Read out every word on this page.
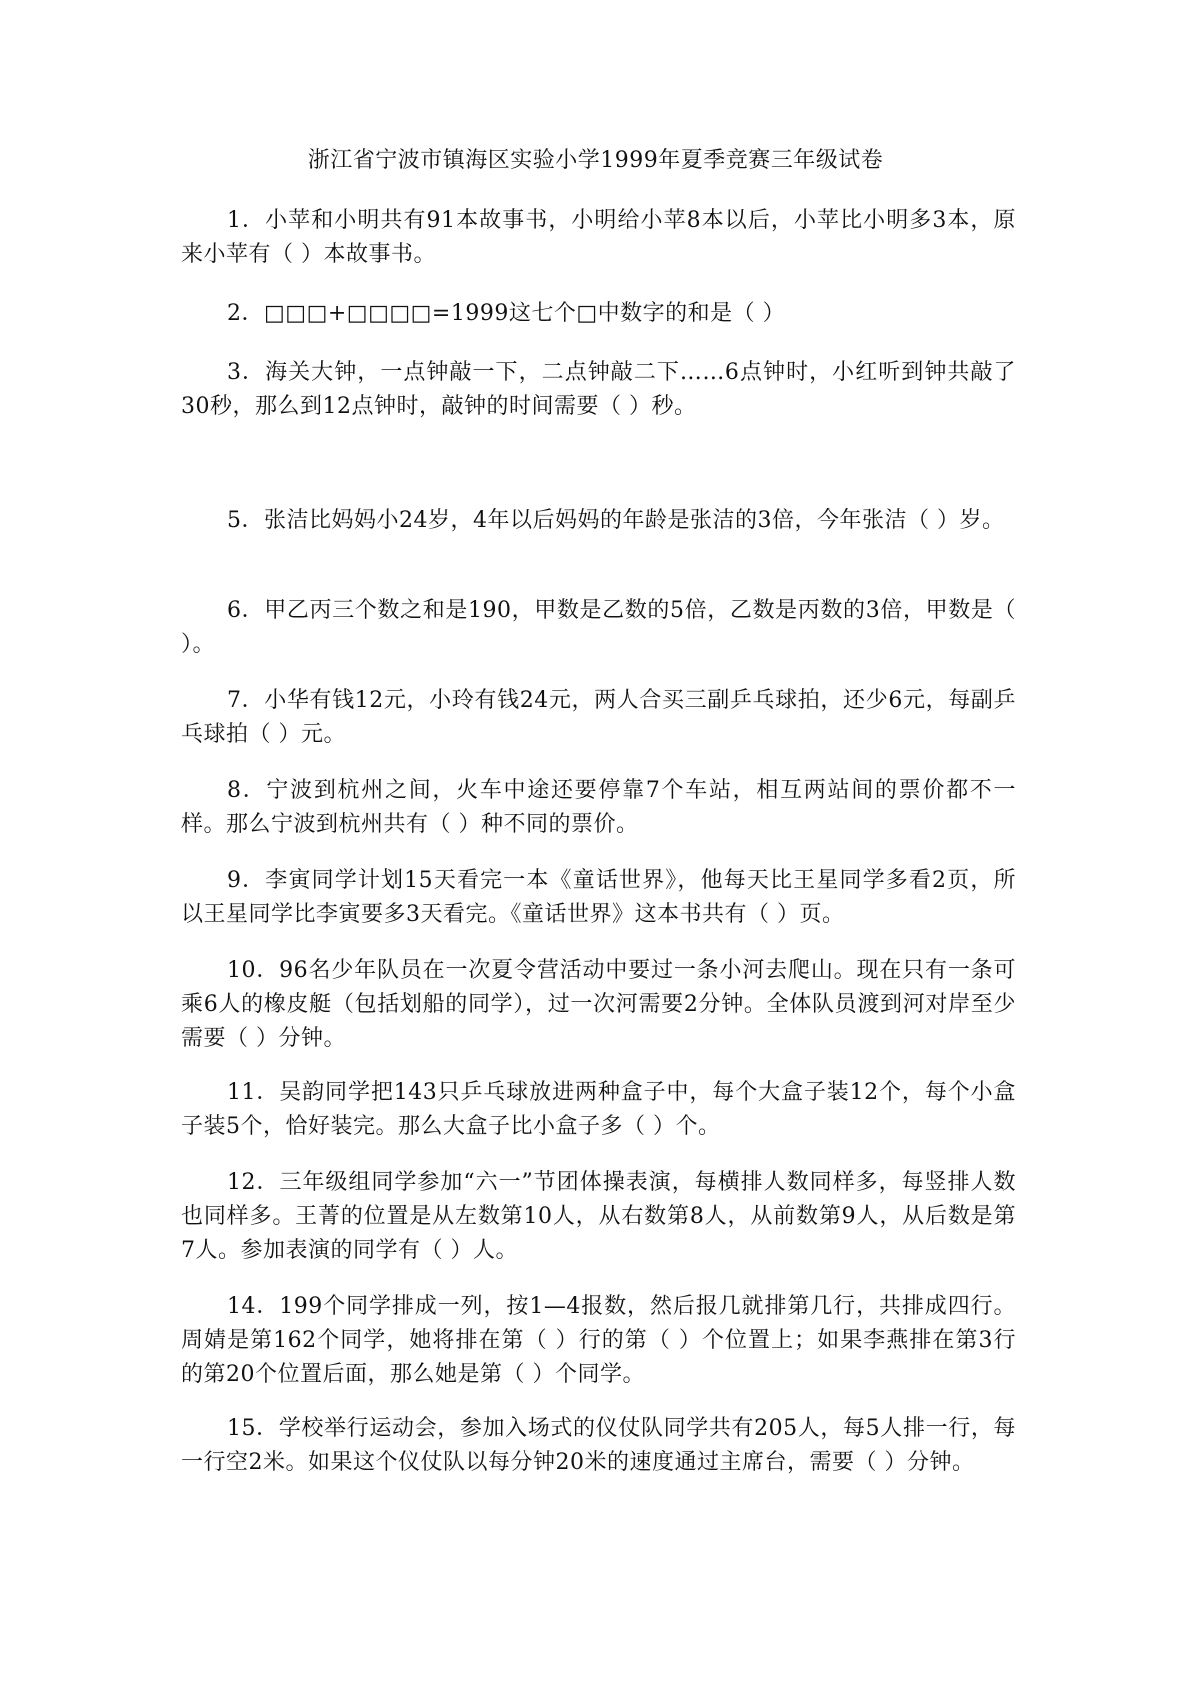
浙江省宁波市镇海区实验小学1999年夏季竞赛三年级试卷
1．小苹和小明共有91本故事书，小明给小苹8本以后，小苹比小明多3本，原来小苹有（ ）本故事书。
2．□□□+□□□□=1999这七个□中数字的和是（ ）
3．海关大钟，一点钟敲一下，二点钟敲二下……6点钟时，小红听到钟共敲了30秒，那么到12点钟时，敲钟的时间需要（ ）秒。
5．张洁比妈妈小24岁，4年以后妈妈的年龄是张洁的3倍，今年张洁（ ）岁。
6．甲乙丙三个数之和是190，甲数是乙数的5倍，乙数是丙数的3倍，甲数是（ ）。
7．小华有钱12元，小玲有钱24元，两人合买三副乒乓球拍，还少6元，每副乒乓球拍（ ）元。
8．宁波到杭州之间，火车中途还要停靠7个车站，相互两站间的票价都不一样。那么宁波到杭州共有（ ）种不同的票价。
9．李寅同学计划15天看完一本《童话世界》，他每天比王星同学多看2页，所以王星同学比李寅要多3天看完。《童话世界》这本书共有（ ）页。
10．96名少年队员在一次夏令营活动中要过一条小河去爬山。现在只有一条可乘6人的橡皮艇（包括划船的同学），过一次河需要2分钟。全体队员渡到河对岸至少需要（ ）分钟。
11．吴韵同学把143只乒乓球放进两种盒子中，每个大盒子装12个，每个小盒子装5个，恰好装完。那么大盒子比小盒子多（ ）个。
12．三年级组同学参加“六一”节团体操表演，每横排人数同样多，每竖排人数也同样多。王菁的位置是从左数第10人，从右数第8人，从前数第9人，从后数是第7人。参加表演的同学有（ ）人。
14．199个同学排成一列，按1—4报数，然后报几就排第几行，共排成四行。周婧是第162个同学，她将排在第（ ）行的第（ ）个位置上；如果李燕排在第3行的第20个位置后面，那么她是第（ ）个同学。
15．学校举行运动会，参加入场式的仪仗队同学共有205人，每5人排一行，每一行空2米。如果这个仪仗队以每分钟20米的速度通过主席台，需要（ ）分钟。
